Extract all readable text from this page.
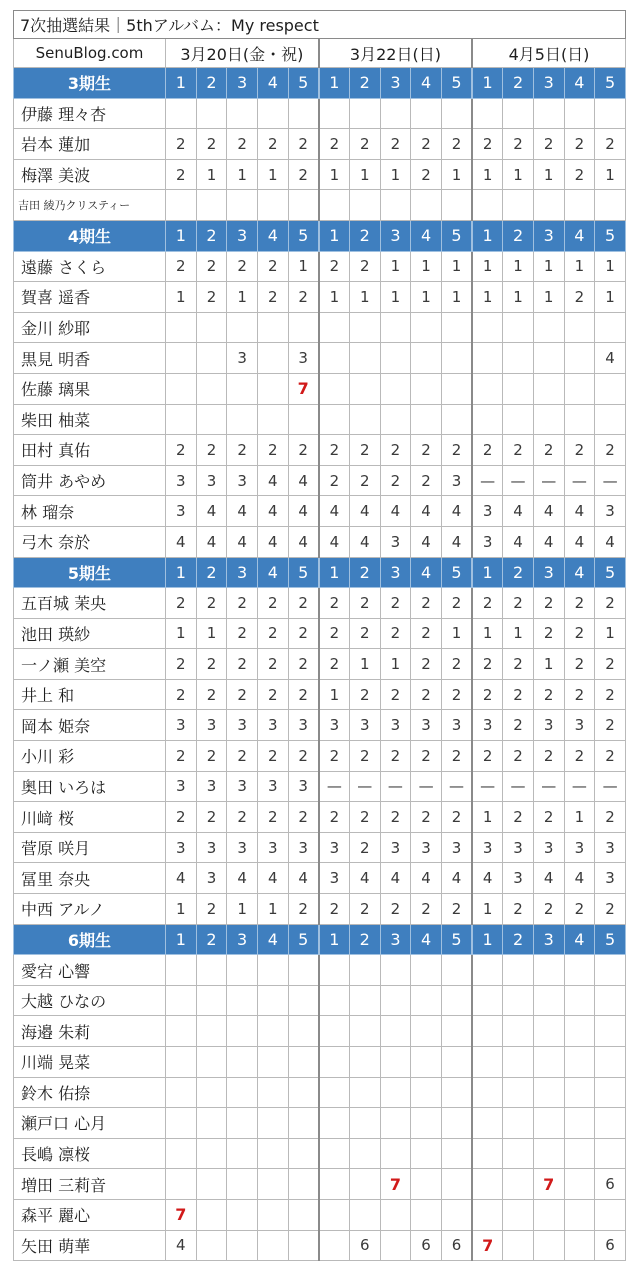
7次抽選結果｜5thアルバム：My respect															
SenuBlog.com	3月20日(金・祝)					3月22日(日)					4月5日(日)				
3期生	1	2	3	4	5	1	2	3	4	5	1	2	3	4	5
伊藤 理々杏															
岩本 蓮加	2	2	2	2	2	2	2	2	2	2	2	2	2	2	2
梅澤 美波	2	1	1	1	2	1	1	1	2	1	1	1	1	2	1
吉田 綾乃クリスティー															
4期生	1	2	3	4	5	1	2	3	4	5	1	2	3	4	5
遠藤 さくら	2	2	2	2	1	2	2	1	1	1	1	1	1	1	1
賀喜 遥香	1	2	1	2	2	1	1	1	1	1	1	1	1	2	1
金川 紗耶															
黒見 明香			3		3										4
佐藤 璃果					7										
柴田 柚菜															
田村 真佑	2	2	2	2	2	2	2	2	2	2	2	2	2	2	2
筒井 あやめ	3	3	3	4	4	2	2	2	2	3	—	—	—	—	—
林 瑠奈	3	4	4	4	4	4	4	4	4	4	3	4	4	4	3
弓木 奈於	4	4	4	4	4	4	4	3	4	4	3	4	4	4	4
5期生	1	2	3	4	5	1	2	3	4	5	1	2	3	4	5
五百城 茉央	2	2	2	2	2	2	2	2	2	2	2	2	2	2	2
池田 瑛紗	1	1	2	2	2	2	2	2	2	1	1	1	2	2	1
一ノ瀬 美空	2	2	2	2	2	2	1	1	2	2	2	2	1	2	2
井上 和	2	2	2	2	2	1	2	2	2	2	2	2	2	2	2
岡本 姫奈	3	3	3	3	3	3	3	3	3	3	3	2	3	3	2
小川 彩	2	2	2	2	2	2	2	2	2	2	2	2	2	2	2
奥田 いろは	3	3	3	3	3	—	—	—	—	—	—	—	—	—	—
川﨑 桜	2	2	2	2	2	2	2	2	2	2	1	2	2	1	2
菅原 咲月	3	3	3	3	3	3	2	3	3	3	3	3	3	3	3
冨里 奈央	4	3	4	4	4	3	4	4	4	4	4	3	4	4	3
中西 アルノ	1	2	1	1	2	2	2	2	2	2	1	2	2	2	2
6期生	1	2	3	4	5	1	2	3	4	5	1	2	3	4	5
愛宕 心響															
大越 ひなの															
海邉 朱莉															
川端 晃菜															
鈴木 佑捺															
瀬戸口 心月															
長嶋 凛桜															
増田 三莉音								7					7		6
森平 麗心	7														
矢田 萌華	4						6		6	6	7				6
